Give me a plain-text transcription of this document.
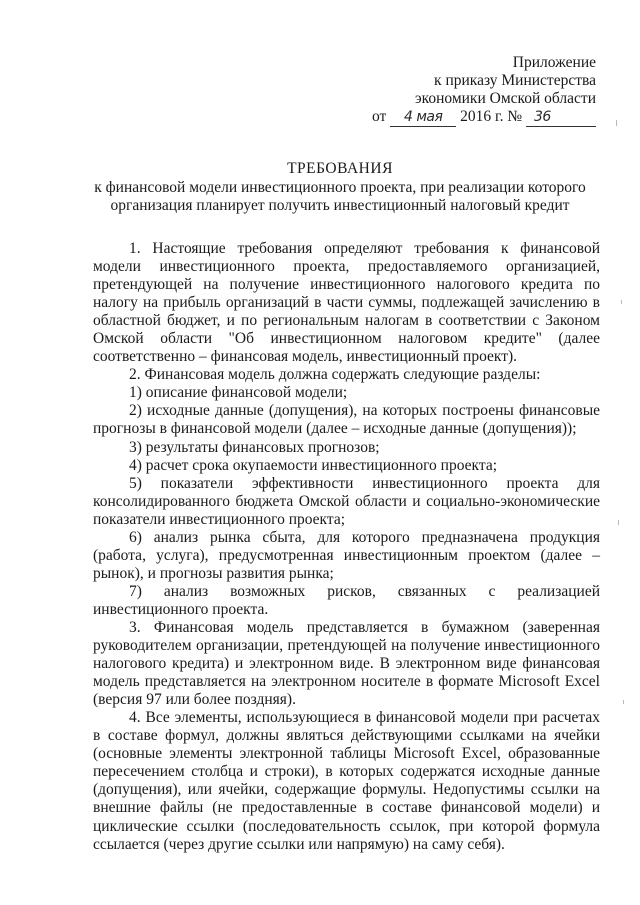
Приложение
к приказу Министерства
экономики Омской области
от 4 мая 2016 г. № 36
ТРЕБОВАНИЯ
к финансовой модели инвестиционного проекта, при реализации которого
организация планирует получить инвестиционный налоговый кредит

1. Настоящие требования определяют требования к финансовой модели инвестиционного проекта, предоставляемого организацией, претендующей на получение инвестиционного налогового кредита по налогу на прибыль организаций в части суммы, подлежащей зачислению в областной бюджет, и по региональным налогам в соответствии с Законом Омской области "Об инвестиционном налоговом кредите" (далее соответственно – финансовая модель, инвестиционный проект).

2. Финансовая модель должна содержать следующие разделы:

1) описание финансовой модели;

2) исходные данные (допущения), на которых построены финансовые прогнозы в финансовой модели (далее – исходные данные (допущения));

3) результаты финансовых прогнозов;

4) расчет срока окупаемости инвестиционного проекта;

5) показатели эффективности инвестиционного проекта для консолидированного бюджета Омской области и социально-экономические показатели инвестиционного проекта;

6) анализ рынка сбыта, для которого предназначена продукция (работа, услуга), предусмотренная инвестиционным проектом (далее – рынок), и прогнозы развития рынка;

7) анализ возможных рисков, связанных с реализацией инвестиционного проекта.

3. Финансовая модель представляется в бумажном (заверенная руководителем организации, претендующей на получение инвестиционного налогового кредита) и электронном виде. В электронном виде финансовая модель представляется на электронном носителе в формате Microsoft Excel (версия 97 или более поздняя).

4. Все элементы, использующиеся в финансовой модели при расчетах в составе формул, должны являться действующими ссылками на ячейки (основные элементы электронной таблицы Microsoft Excel, образованные пересечением столбца и строки), в которых содержатся исходные данные (допущения), или ячейки, содержащие формулы. Недопустимы ссылки на внешние файлы (не предоставленные в составе финансовой модели) и циклические ссылки (последовательность ссылок, при которой формула ссылается (через другие ссылки или напрямую) на саму себя).
